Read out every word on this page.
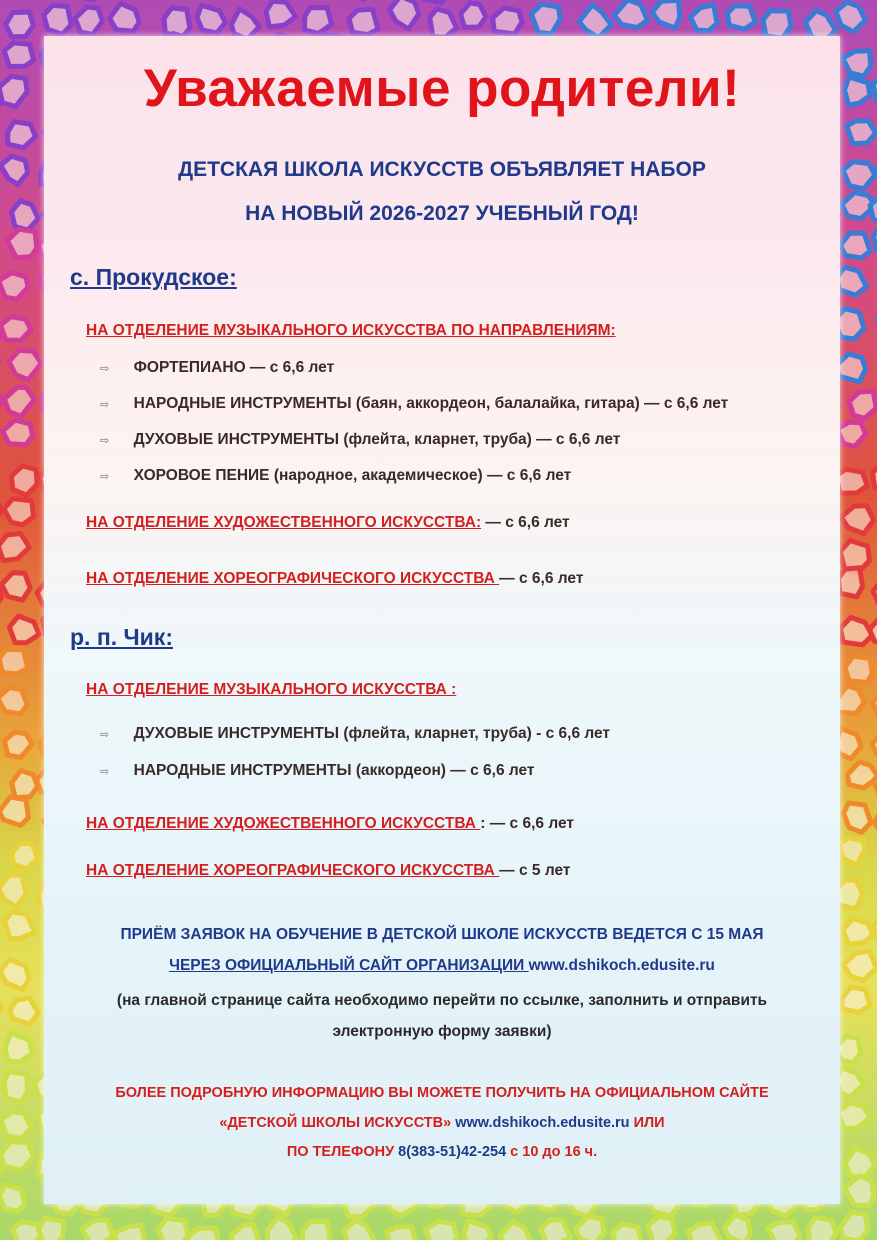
Уважаемые родители!
ДЕТСКАЯ ШКОЛА ИСКУССТВ ОБЪЯВЛЯЕТ НАБОР
НА НОВЫЙ 2026-2027 УЧЕБНЫЙ ГОД!
с. Прокудское:
НА ОТДЕЛЕНИЕ МУЗЫКАЛЬНОГО ИСКУССТВА ПО НАПРАВЛЕНИЯМ:
⇨ ФОРТЕПИАНО — с 6,6 лет
⇨ НАРОДНЫЕ ИНСТРУМЕНТЫ (баян, аккордеон, балалайка, гитара) — с 6,6 лет
⇨ ДУХОВЫЕ ИНСТРУМЕНТЫ (флейта, кларнет, труба) — с 6,6 лет
⇨ ХОРОВОЕ ПЕНИЕ (народное, академическое) — с 6,6 лет
НА ОТДЕЛЕНИЕ ХУДОЖЕСТВЕННОГО ИСКУССТВА: — с 6,6 лет
НА ОТДЕЛЕНИЕ ХОРЕОГРАФИЧЕСКОГО ИСКУССТВА — с 6,6 лет
р. п. Чик:
НА ОТДЕЛЕНИЕ МУЗЫКАЛЬНОГО ИСКУССТВА :
⇨ ДУХОВЫЕ ИНСТРУМЕНТЫ (флейта, кларнет, труба) - с 6,6 лет
⇨ НАРОДНЫЕ ИНСТРУМЕНТЫ (аккордеон) — с 6,6 лет
НА ОТДЕЛЕНИЕ ХУДОЖЕСТВЕННОГО ИСКУССТВА : — с 6,6 лет
НА ОТДЕЛЕНИЕ ХОРЕОГРАФИЧЕСКОГО ИСКУССТВА — с 5 лет
ПРИЁМ ЗАЯВОК НА ОБУЧЕНИЕ В ДЕТСКОЙ ШКОЛЕ ИСКУССТВ ВЕДЕТСЯ С 15 МАЯ
ЧЕРЕЗ ОФИЦИАЛЬНЫЙ САЙТ ОРГАНИЗАЦИИ www.dshikoch.edusite.ru
(на главной странице сайта необходимо перейти по ссылке, заполнить и отправить
электронную форму заявки)
БОЛЕЕ ПОДРОБНУЮ ИНФОРМАЦИЮ ВЫ МОЖЕТЕ ПОЛУЧИТЬ НА ОФИЦИАЛЬНОМ САЙТЕ
«ДЕТСКОЙ ШКОЛЫ ИСКУССТВ» www.dshikoch.edusite.ru ИЛИ
ПО ТЕЛЕФОНУ 8(383-51)42-254 с 10 до 16 ч.
